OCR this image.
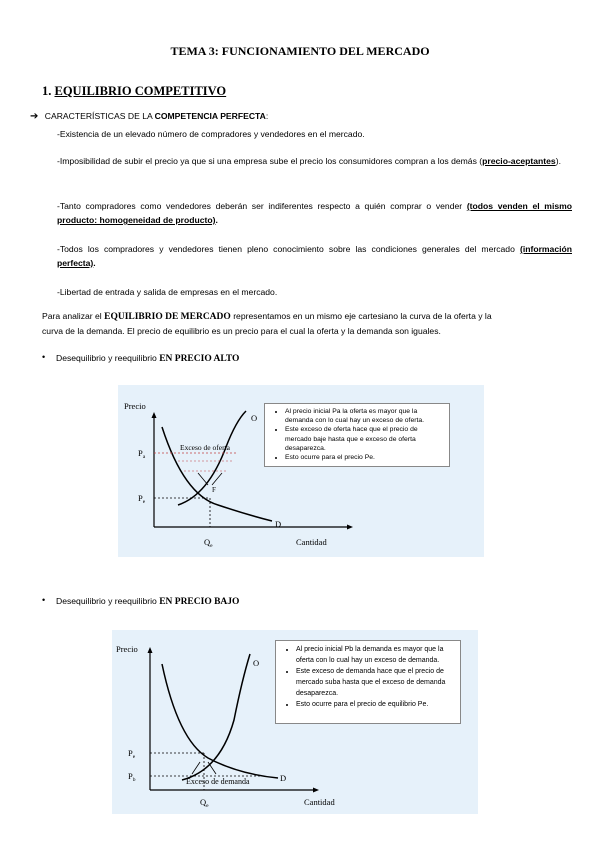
TEMA 3: FUNCIONAMIENTO DEL MERCADO
1. EQUILIBRIO COMPETITIVO
➔ CARACTERÍSTICAS DE LA COMPETENCIA PERFECTA:
-Existencia de un elevado número de compradores y vendedores en el mercado.
-Imposibilidad de subir el precio ya que si una empresa sube el precio los consumidores compran a los demás (precio-aceptantes).
-Tanto compradores como vendedores deberán ser indiferentes respecto a quién comprar o vender (todos venden el mismo producto: homogeneidad de producto).
-Todos los compradores y vendedores tienen pleno conocimiento sobre las condiciones generales del mercado (información perfecta).
-Libertad de entrada y salida de empresas en el mercado.
Para analizar el EQUILIBRIO DE MERCADO representamos en un mismo eje cartesiano la curva de la oferta y la
curva de la demanda. El precio de equilibrio es un precio para el cual la oferta y la demanda son iguales.
• Desequilibrio y reequilibrio EN PRECIO ALTO
Precio
Cantidad
O
D
Exceso de oferta
F
$P_a$
$P_e$
$Q_e$
• Al precio inicial Pa la oferta es mayor que la demanda con lo cual hay un exceso de oferta.
• Este exceso de oferta hace que el precio de mercado baje hasta que e exceso de oferta desaparezca.
• Esto ocurre para el precio Pe.
• Desequilibrio y reequilibrio EN PRECIO BAJO
Precio
Cantidad
O
D
Exceso de demanda
$P_e$
$P_b$
$Q_e$
• Al precio inicial Pb la demanda es mayor que la oferta con lo cual hay un exceso de demanda.
• Este exceso de demanda hace que el precio de mercado suba hasta que el exceso de demanda desaparezca.
• Esto ocurre para el precio de equilibrio Pe.
